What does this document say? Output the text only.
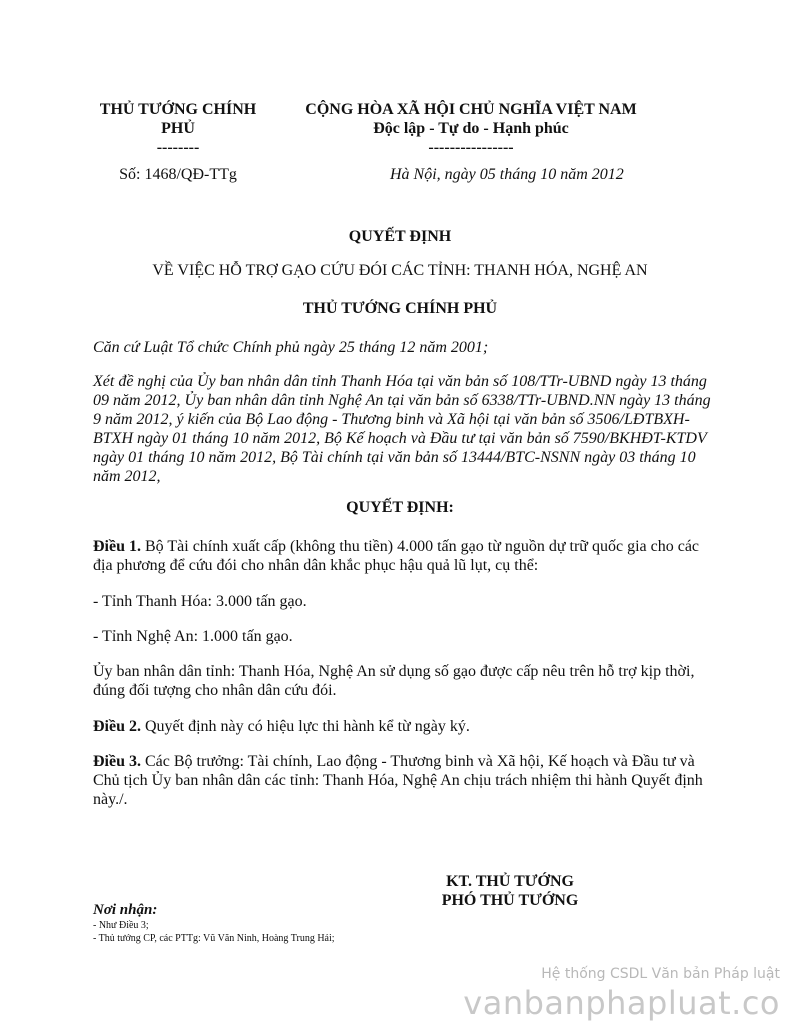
THỦ TƯỚNG CHÍNH
PHỦ
--------
CỘNG HÒA XÃ HỘI CHỦ NGHĨA VIỆT NAM
Độc lập - Tự do - Hạnh phúc
----------------
Số: 1468/QĐ-TTg	Hà Nội, ngày 05 tháng 10 năm 2012
QUYẾT ĐỊNH
VỀ VIỆC HỖ TRỢ GẠO CỨU ĐÓI CÁC TỈNH: THANH HÓA, NGHỆ AN
THỦ TƯỚNG CHÍNH PHỦ
Căn cứ Luật Tổ chức Chính phủ ngày 25 tháng 12 năm 2001;
Xét đề nghị của Ủy ban nhân dân tỉnh Thanh Hóa tại văn bản số 108/TTr-UBND ngày 13 tháng
09 năm 2012, Ủy ban nhân dân tỉnh Nghệ An tại văn bản số 6338/TTr-UBND.NN ngày 13 tháng
9 năm 2012, ý kiến của Bộ Lao động - Thương binh và Xã hội tại văn bản số 3506/LĐTBXH-
BTXH ngày 01 tháng 10 năm 2012, Bộ Kế hoạch và Đầu tư tại văn bản số 7590/BKHĐT-KTDV
ngày 01 tháng 10 năm 2012, Bộ Tài chính tại văn bản số 13444/BTC-NSNN ngày 03 tháng 10
năm 2012,
QUYẾT ĐỊNH:
Điều 1. Bộ Tài chính xuất cấp (không thu tiền) 4.000 tấn gạo từ nguồn dự trữ quốc gia cho các
địa phương để cứu đói cho nhân dân khắc phục hậu quả lũ lụt, cụ thể:
- Tỉnh Thanh Hóa: 3.000 tấn gạo.
- Tỉnh Nghệ An: 1.000 tấn gạo.
Ủy ban nhân dân tỉnh: Thanh Hóa, Nghệ An sử dụng số gạo được cấp nêu trên hỗ trợ kịp thời,
đúng đối tượng cho nhân dân cứu đói.
Điều 2. Quyết định này có hiệu lực thi hành kể từ ngày ký.
Điều 3. Các Bộ trưởng: Tài chính, Lao động - Thương binh và Xã hội, Kế hoạch và Đầu tư và
Chủ tịch Ủy ban nhân dân các tỉnh: Thanh Hóa, Nghệ An chịu trách nhiệm thi hành Quyết định
này./.
KT. THỦ TƯỚNG
PHÓ THỦ TƯỚNG
Nơi nhận:
- Như Điều 3;
- Thủ tướng CP, các PTTg: Vũ Văn Ninh, Hoàng Trung Hải;
Hệ thống CSDL Văn bản Pháp luật
vanbanphapluat.co
